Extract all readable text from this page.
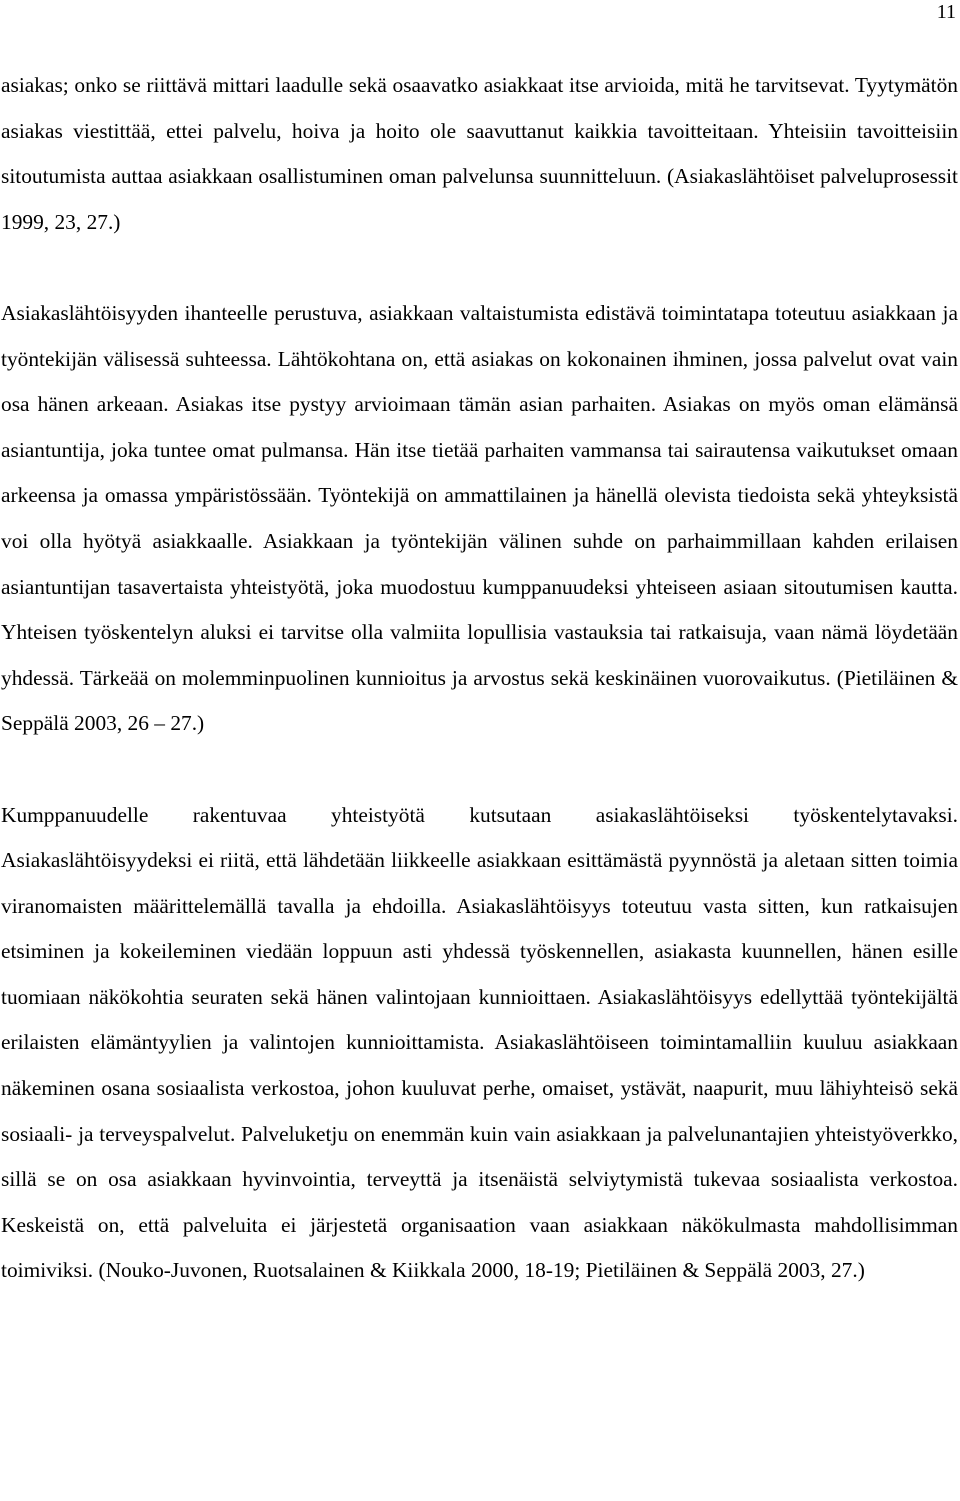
11

asiakas; onko se riittävä mittari laadulle sekä osaavatko asiakkaat itse arvioida, mitä he tarvitsevat. Tyytymätön asiakas viestittää, ettei palvelu, hoiva ja hoito ole saavuttanut kaikkia tavoitteitaan. Yhteisiin tavoitteisiin sitoutumista auttaa asiakkaan osallistuminen oman palvelunsa suunnitteluun. (Asiakaslähtöiset palveluprosessit 1999, 23, 27.)

Asiakaslähtöisyyden ihanteelle perustuva, asiakkaan valtaistumista edistävä toimintatapa toteutuu asiakkaan ja työntekijän välisessä suhteessa. Lähtökohtana on, että asiakas on kokonainen ihminen, jossa palvelut ovat vain osa hänen arkeaan. Asiakas itse pystyy arvioimaan tämän asian parhaiten. Asiakas on myös oman elämänsä asiantuntija, joka tuntee omat pulmansa. Hän itse tietää parhaiten vammansa tai sairautensa vaikutukset omaan arkeensa ja omassa ympäristössään. Työntekijä on ammattilainen ja hänellä olevista tiedoista sekä yhteyksistä voi olla hyötyä asiakkaalle. Asiakkaan ja työntekijän välinen suhde on parhaimmillaan kahden erilaisen asiantuntijan tasavertaista yhteistyötä, joka muodostuu kumppanuudeksi yhteiseen asiaan sitoutumisen kautta. Yhteisen työskentelyn aluksi ei tarvitse olla valmiita lopullisia vastauksia tai ratkaisuja, vaan nämä löydetään yhdessä. Tärkeää on molemminpuolinen kunnioitus ja arvostus sekä keskinäinen vuorovaikutus. (Pietiläinen & Seppälä 2003, 26 – 27.)

Kumppanuudelle rakentuvaa yhteistyötä kutsutaan asiakaslähtöiseksi työskentelytavaksi. Asiakaslähtöisyydeksi ei riitä, että lähdetään liikkeelle asiakkaan esittämästä pyynnöstä ja aletaan sitten toimia viranomaisten määrittelemällä tavalla ja ehdoilla. Asiakaslähtöisyys toteutuu vasta sitten, kun ratkaisujen etsiminen ja kokeileminen viedään loppuun asti yhdessä työskennellen, asiakasta kuunnellen, hänen esille tuomiaan näkökohtia seuraten sekä hänen valintojaan kunnioittaen. Asiakaslähtöisyys edellyttää työntekijältä erilaisten elämäntyylien ja valintojen kunnioittamista. Asiakaslähtöiseen toimintamalliin kuuluu asiakkaan näkeminen osana sosiaalista verkostoa, johon kuuluvat perhe, omaiset, ystävät, naapurit, muu lähiyhteisö sekä sosiaali- ja terveyspalvelut. Palveluketju on enemmän kuin vain asiakkaan ja palvelunantajien yhteistyöverkko, sillä se on osa asiakkaan hyvinvointia, terveyttä ja itsenäistä selviytymistä tukevaa sosiaalista verkostoa. Keskeistä on, että palveluita ei järjestetä organisaation vaan asiakkaan näkökulmasta mahdollisimman toimiviksi. (Nouko-Juvonen, Ruotsalainen & Kiikkala 2000, 18-19; Pietiläinen & Seppälä 2003, 27.)
